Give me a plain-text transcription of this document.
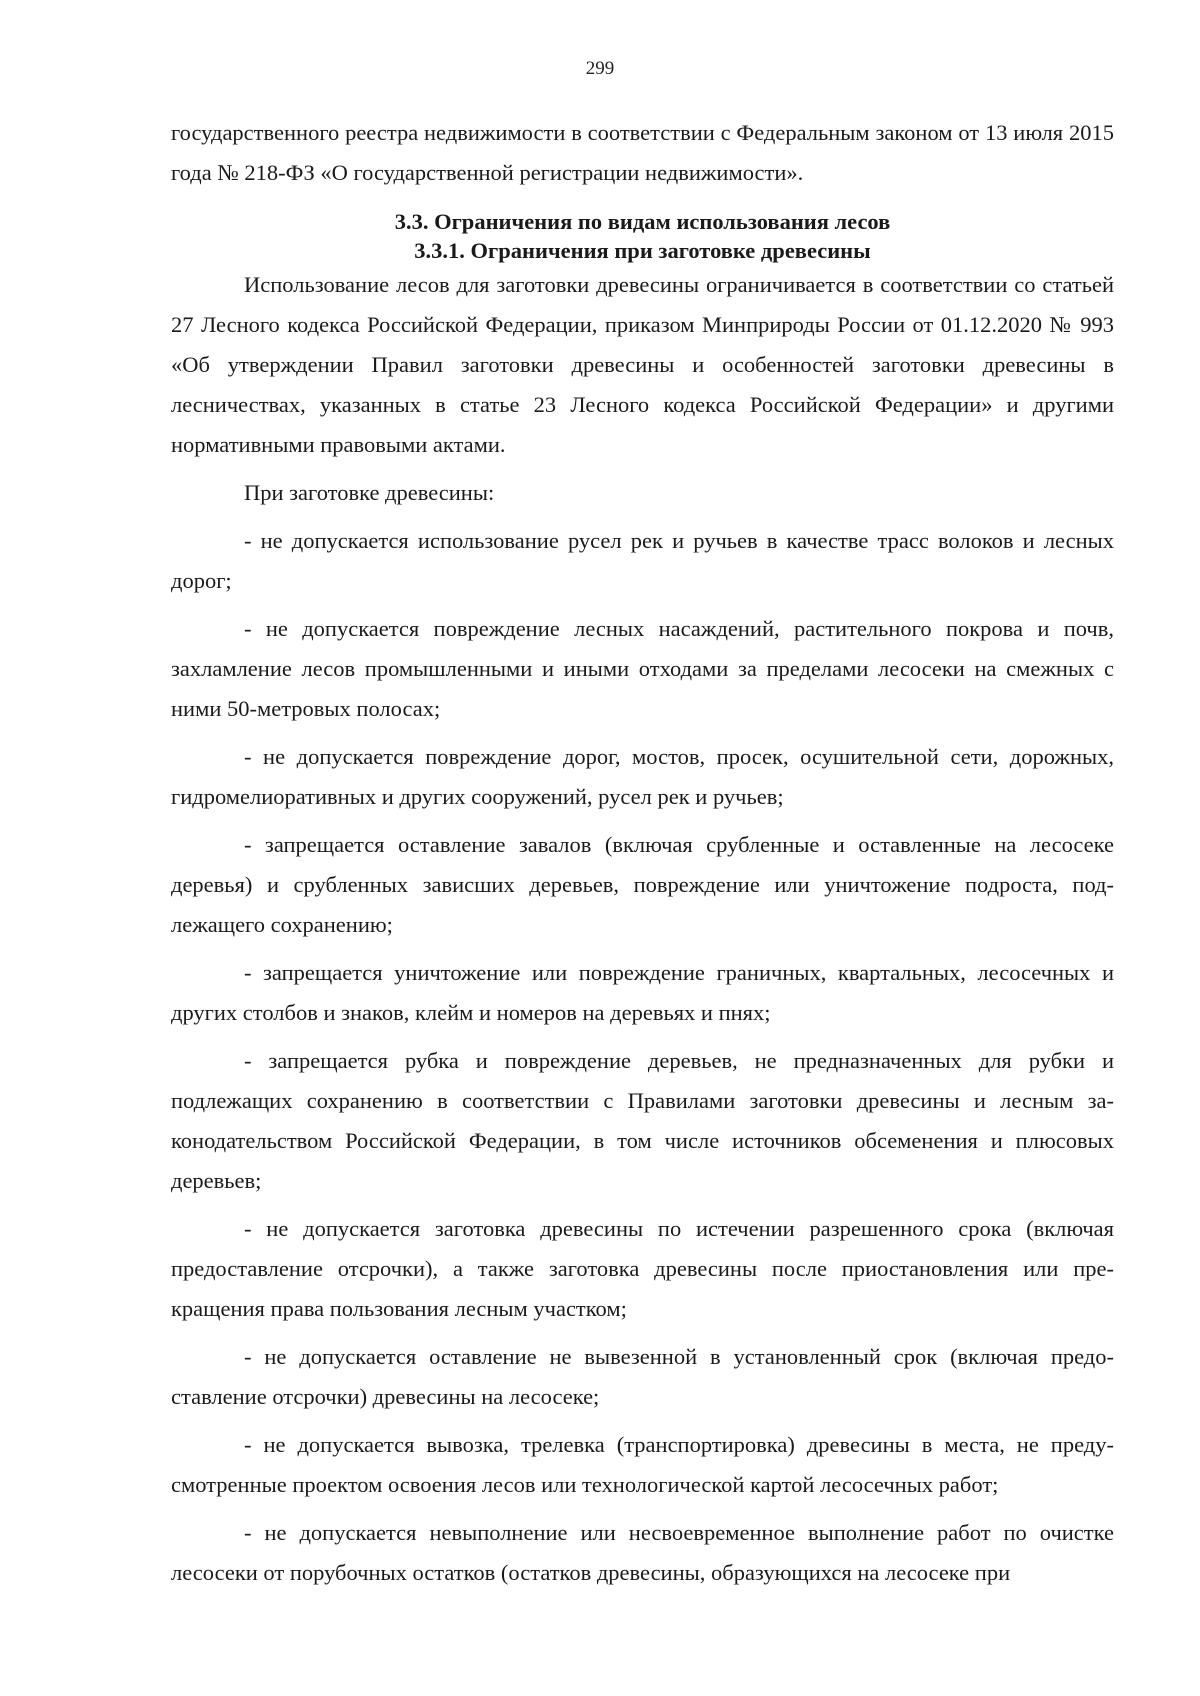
299

государственного реестра недвижимости в соответствии с Федеральным законом от 13 июля 2015 года № 218-ФЗ «О государственной регистрации недвижимости».

3.3. Ограничения по видам использования лесов
3.3.1. Ограничения при заготовке древесины

Использование лесов для заготовки древесины ограничивается в соответствии со статьей 27 Лесного кодекса Российской Федерации, приказом Минприроды России от 01.12.2020 № 993 «Об утверждении Правил заготовки древесины и особенностей заготовки древесины в лесничествах, указанных в статье 23 Лесного кодекса Российской Федерации» и другими нормативными правовыми актами.

При заготовке древесины:

- не допускается использование русел рек и ручьев в качестве трасс волоков и лесных дорог;

- не допускается повреждение лесных насаждений, растительного покрова и почв, захламление лесов промышленными и иными отходами за пределами лесосеки на смежных с ними 50-метровых полосах;

- не допускается повреждение дорог, мостов, просек, осушительной сети, дорожных, гидромелиоративных и других сооружений, русел рек и ручьев;

- запрещается оставление завалов (включая срубленные и оставленные на лесосеке деревья) и срубленных зависших деревьев, повреждение или уничтожение подроста, подлежащего сохранению;

- запрещается уничтожение или повреждение граничных, квартальных, лесосечных и других столбов и знаков, клейм и номеров на деревьях и пнях;

- запрещается рубка и повреждение деревьев, не предназначенных для рубки и подлежащих сохранению в соответствии с Правилами заготовки древесины и лесным законодательством Российской Федерации, в том числе источников обсеменения и плюсовых деревьев;

- не допускается заготовка древесины по истечении разрешенного срока (включая предоставление отсрочки), а также заготовка древесины после приостановления или прекращения права пользования лесным участком;

- не допускается оставление не вывезенной в установленный срок (включая предоставление отсрочки) древесины на лесосеке;

- не допускается вывозка, трелевка (транспортировка) древесины в места, не предусмотренные проектом освоения лесов или технологической картой лесосечных работ;

- не допускается невыполнение или несвоевременное выполнение работ по очистке лесосеки от порубочных остатков (остатков древесины, образующихся на лесосеке при
